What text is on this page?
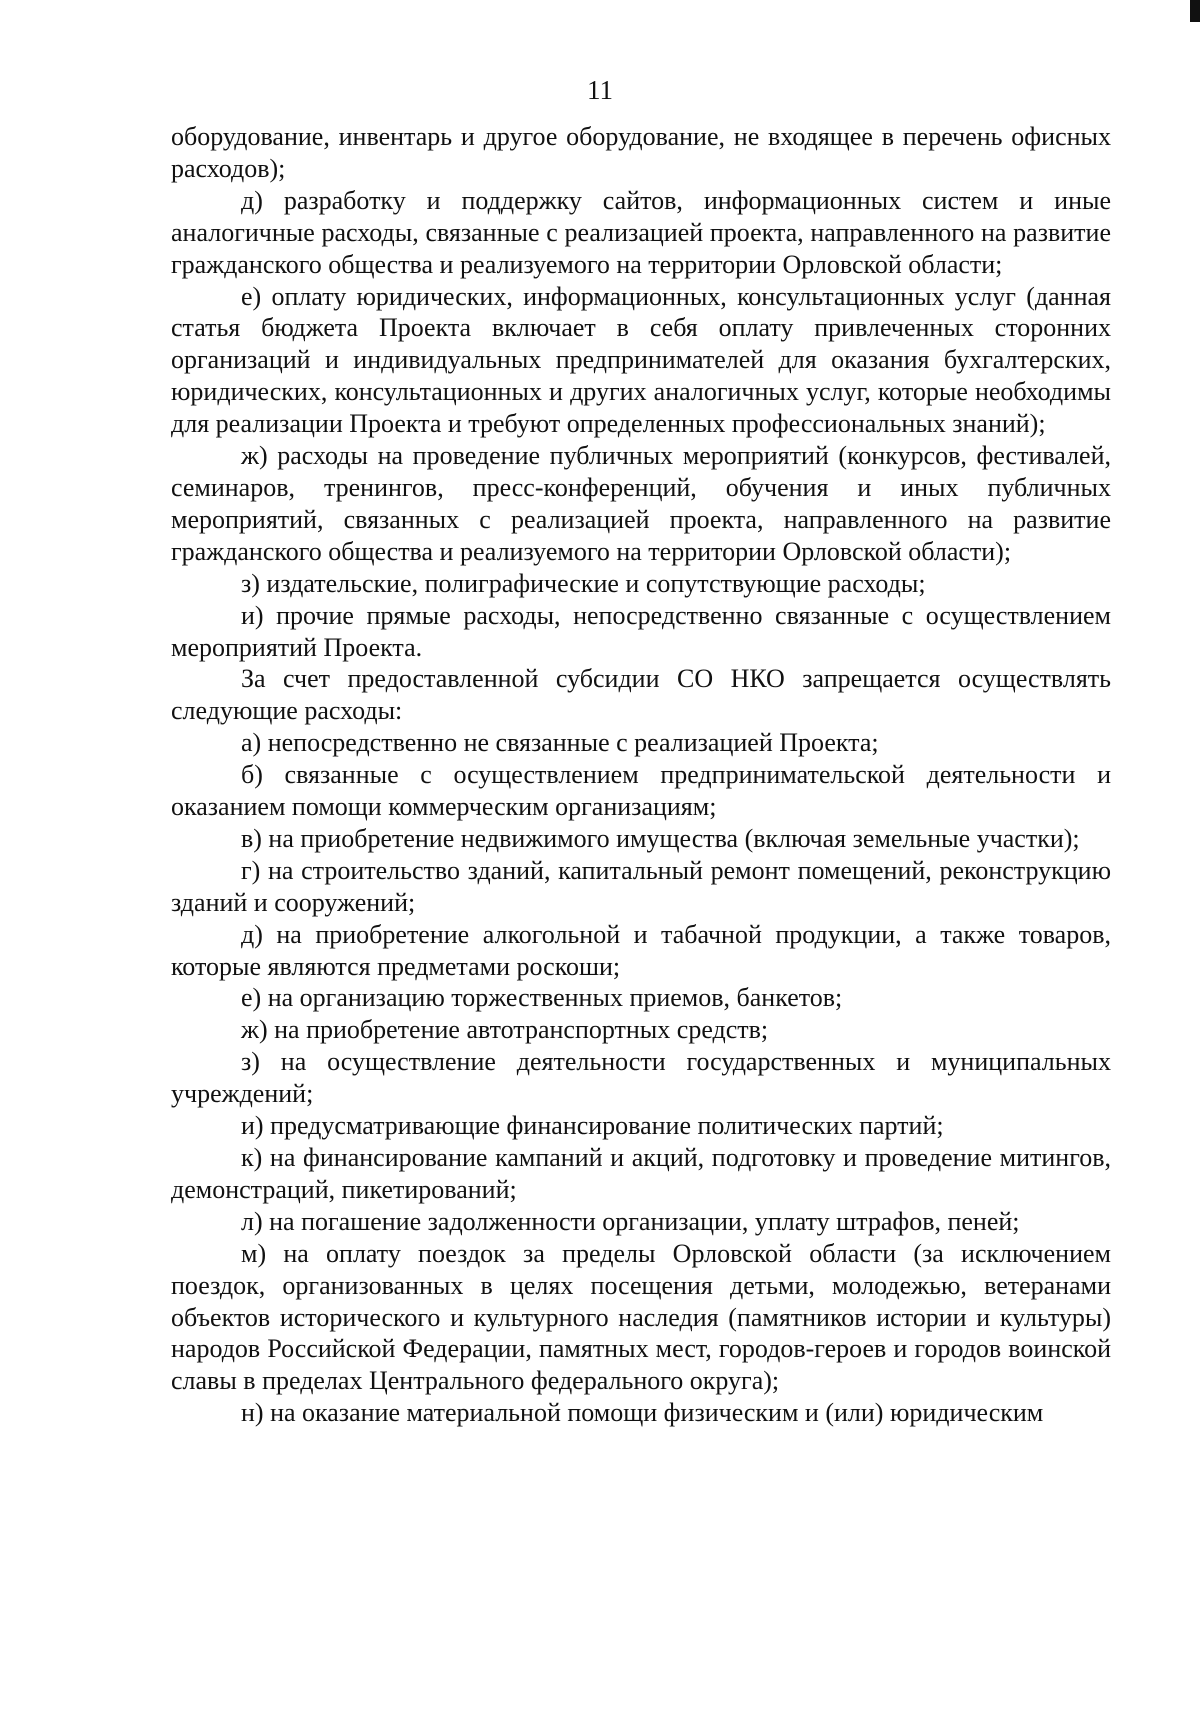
11

оборудование, инвентарь и другое оборудование, не входящее в перечень офисных расходов);

д) разработку и поддержку сайтов, информационных систем и иные аналогичные расходы, связанные с реализацией проекта, направленного на развитие гражданского общества и реализуемого на территории Орловской области;

е) оплату юридических, информационных, консультационных услуг (данная статья бюджета Проекта включает в себя оплату привлеченных сторонних организаций и индивидуальных предпринимателей для оказания бухгалтерских, юридических, консультационных и других аналогичных услуг, которые необходимы для реализации Проекта и требуют определенных профессиональных знаний);

ж) расходы на проведение публичных мероприятий (конкурсов, фестивалей, семинаров, тренингов, пресс-конференций, обучения и иных публичных мероприятий, связанных с реализацией проекта, направленного на развитие гражданского общества и реализуемого на территории Орловской области);

з) издательские, полиграфические и сопутствующие расходы;

и) прочие прямые расходы, непосредственно связанные с осуществлением мероприятий Проекта.

За счет предоставленной субсидии СО НКО запрещается осуществлять следующие расходы:

а) непосредственно не связанные с реализацией Проекта;

б) связанные с осуществлением предпринимательской деятельности и оказанием помощи коммерческим организациям;

в) на приобретение недвижимого имущества (включая земельные участки);

г) на строительство зданий, капитальный ремонт помещений, реконструкцию зданий и сооружений;

д) на приобретение алкогольной и табачной продукции, а также товаров, которые являются предметами роскоши;

е) на организацию торжественных приемов, банкетов;

ж) на приобретение автотранспортных средств;

з) на осуществление деятельности государственных и муниципальных учреждений;

и) предусматривающие финансирование политических партий;

к) на финансирование кампаний и акций, подготовку и проведение митингов, демонстраций, пикетирований;

л) на погашение задолженности организации, уплату штрафов, пеней;

м) на оплату поездок за пределы Орловской области (за исключением поездок, организованных в целях посещения детьми, молодежью, ветеранами объектов исторического и культурного наследия (памятников истории и культуры) народов Российской Федерации, памятных мест, городов-героев и городов воинской славы в пределах Центрального федерального округа);

н) на оказание материальной помощи физическим и (или) юридическим
